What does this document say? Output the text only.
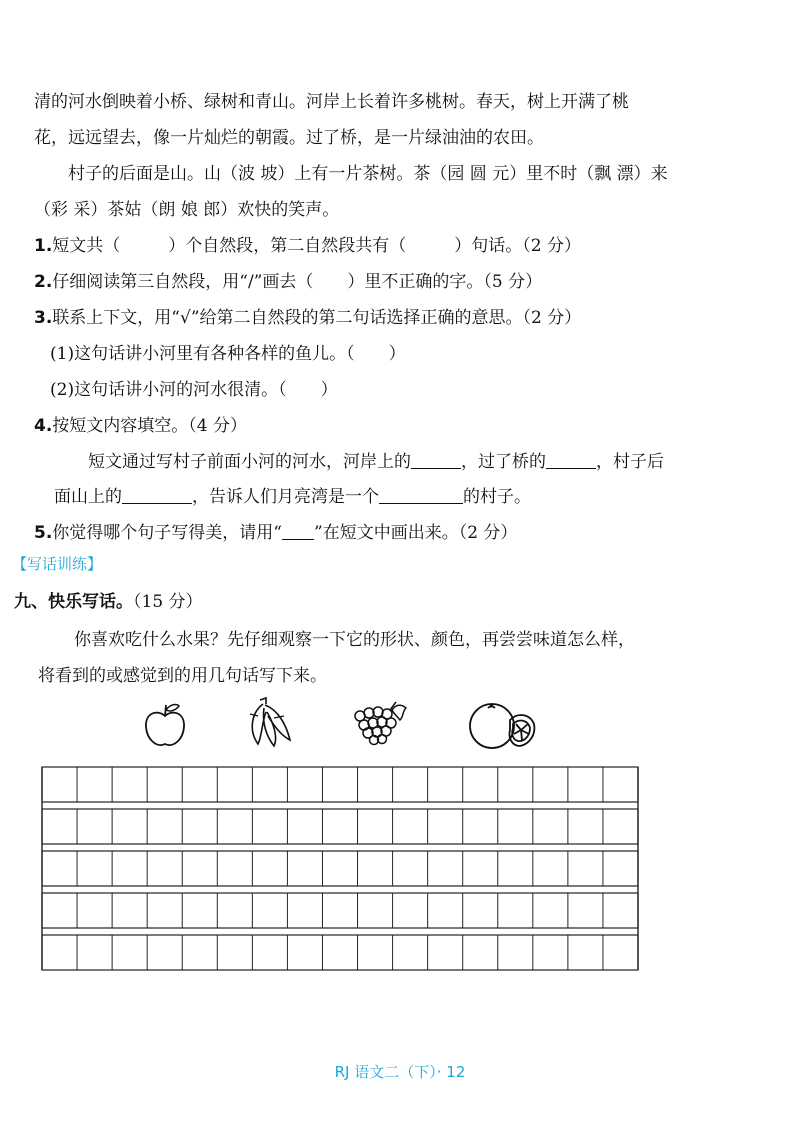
清的河水倒映着小桥、绿树和青山。河岸上长着许多桃树。春天，树上开满了桃
花，远远望去，像一片灿烂的朝霞。过了桥，是一片绿油油的农田。
村子的后面是山。山（波 坡）上有一片茶树。茶（园 圆 元）里不时（飘 漂）来
（彩 采）茶姑（朗 娘 郎）欢快的笑声。
1.短文共（	）个自然段，第二自然段共有（	）句话。（2 分）
2.仔细阅读第三自然段，用“/”画去（　　）里不正确的字。（5 分）
3.联系上下文，用“√”给第二自然段的第二句话选择正确的意思。（2 分）
(1)这句话讲小河里有各种各样的鱼儿。（　　）
(2)这句话讲小河的河水很清。（　　）
4.按短文内容填空。（4 分）
短文通过写村子前面小河的河水，河岸上的	，过了桥的	，村子后
面山上的	，告诉人们月亮湾是一个	的村子。
5.你觉得哪个句子写得美，请用“ ”在短文中画出来。（2 分）
【写话训练】
九、快乐写话。（15 分）
你喜欢吃什么水果？先仔细观察一下它的形状、颜色，再尝尝味道怎么样，
将看到的或感觉到的用几句话写下来。
RJ 语文二（下）· 12
